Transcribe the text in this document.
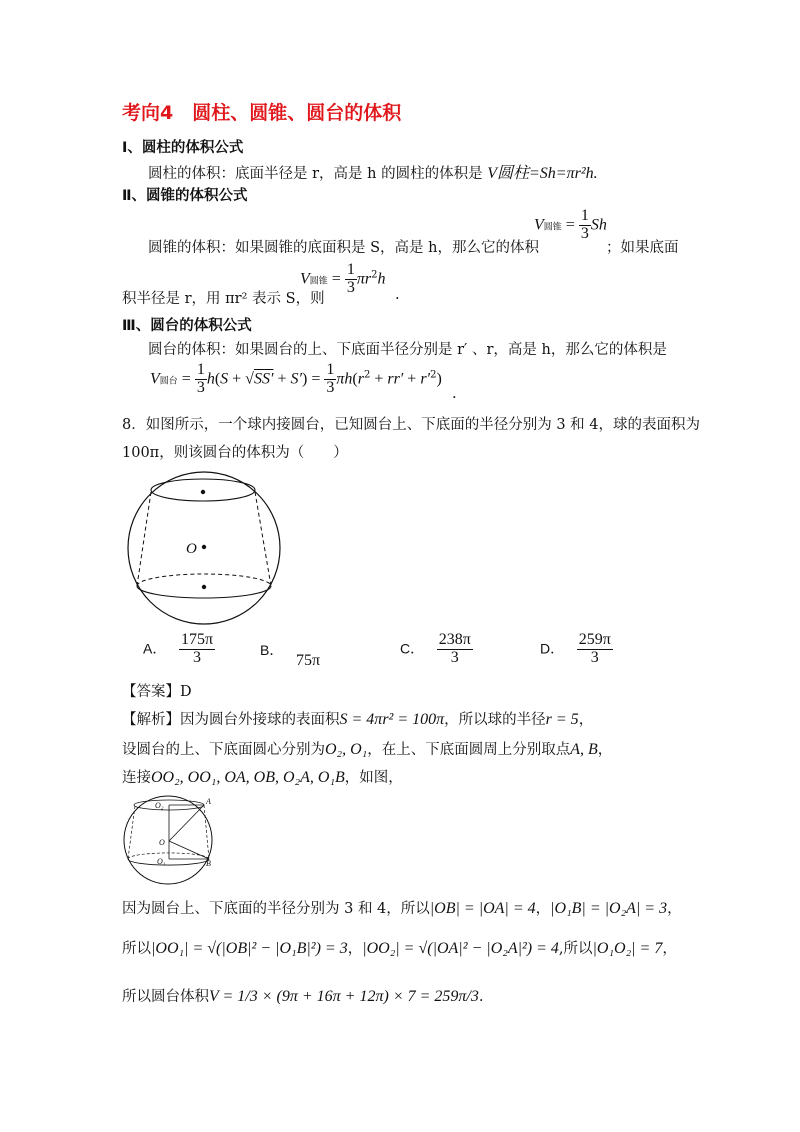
考向4　圆柱、圆锥、圆台的体积
Ⅰ、圆柱的体积公式
圆柱的体积：底面半径是 r，高是 h 的圆柱的体积是 V圆柱=Sh=πr²h.
Ⅱ、圆锥的体积公式
圆锥的体积：如果圆锥的底面积是 S，高是 h，那么它的体积
V圆锥 = $\frac{1}{3}$ Sh
；如果底面
积半径是 r，用 πr² 表示 S，则
V圆锥 = $\frac{1}{3} \pi r^2h$
.
Ⅲ、圆台的体积公式
圆台的体积：如果圆台的上、下底面半径分别是 r′ 、r，高是 h，那么它的体积是
V圆台 = $\frac{1}{3} h(S + √SS' + S') = \frac{1}{3} \pi h(r^2 + rr' + r'^2)$
.
8．如图所示，一个球内接圆台，已知圆台上、下底面的半径分别为 3 和 4，球的表面积为
100π，则该圆台的体积为（　　）
O
A． $\frac{175\pi}{3}$	B． 75π
C． $\frac{238\pi}{3}$	D． $\frac{259\pi}{3}$
【答案】D
【解析】因为圆台外接球的表面积S = 4πr² = 100π，所以球的半径r = 5，
设圆台的上、下底面圆心分别为O₂, O₁，在上、下底面圆周上分别取点A, B，
连接OO₂, OO₁, OA, OB, O₂A, O₁B，如图，
O₂	A
O
O₁	B
因为圆台上、下底面的半径分别为 3 和 4，所以|OB| = |OA| = 4，|O₁B| = |O₂A| = 3，
所以|OO₁| = √(|OB|² − |O₁B|²) = 3，|OO₂| = √(|OA|² − |O₂A|²) = 4,所以|O₁O₂| = 7，
所以圆台体积V = 1/3 × (9π + 16π + 12π) × 7 = 259π/3.
